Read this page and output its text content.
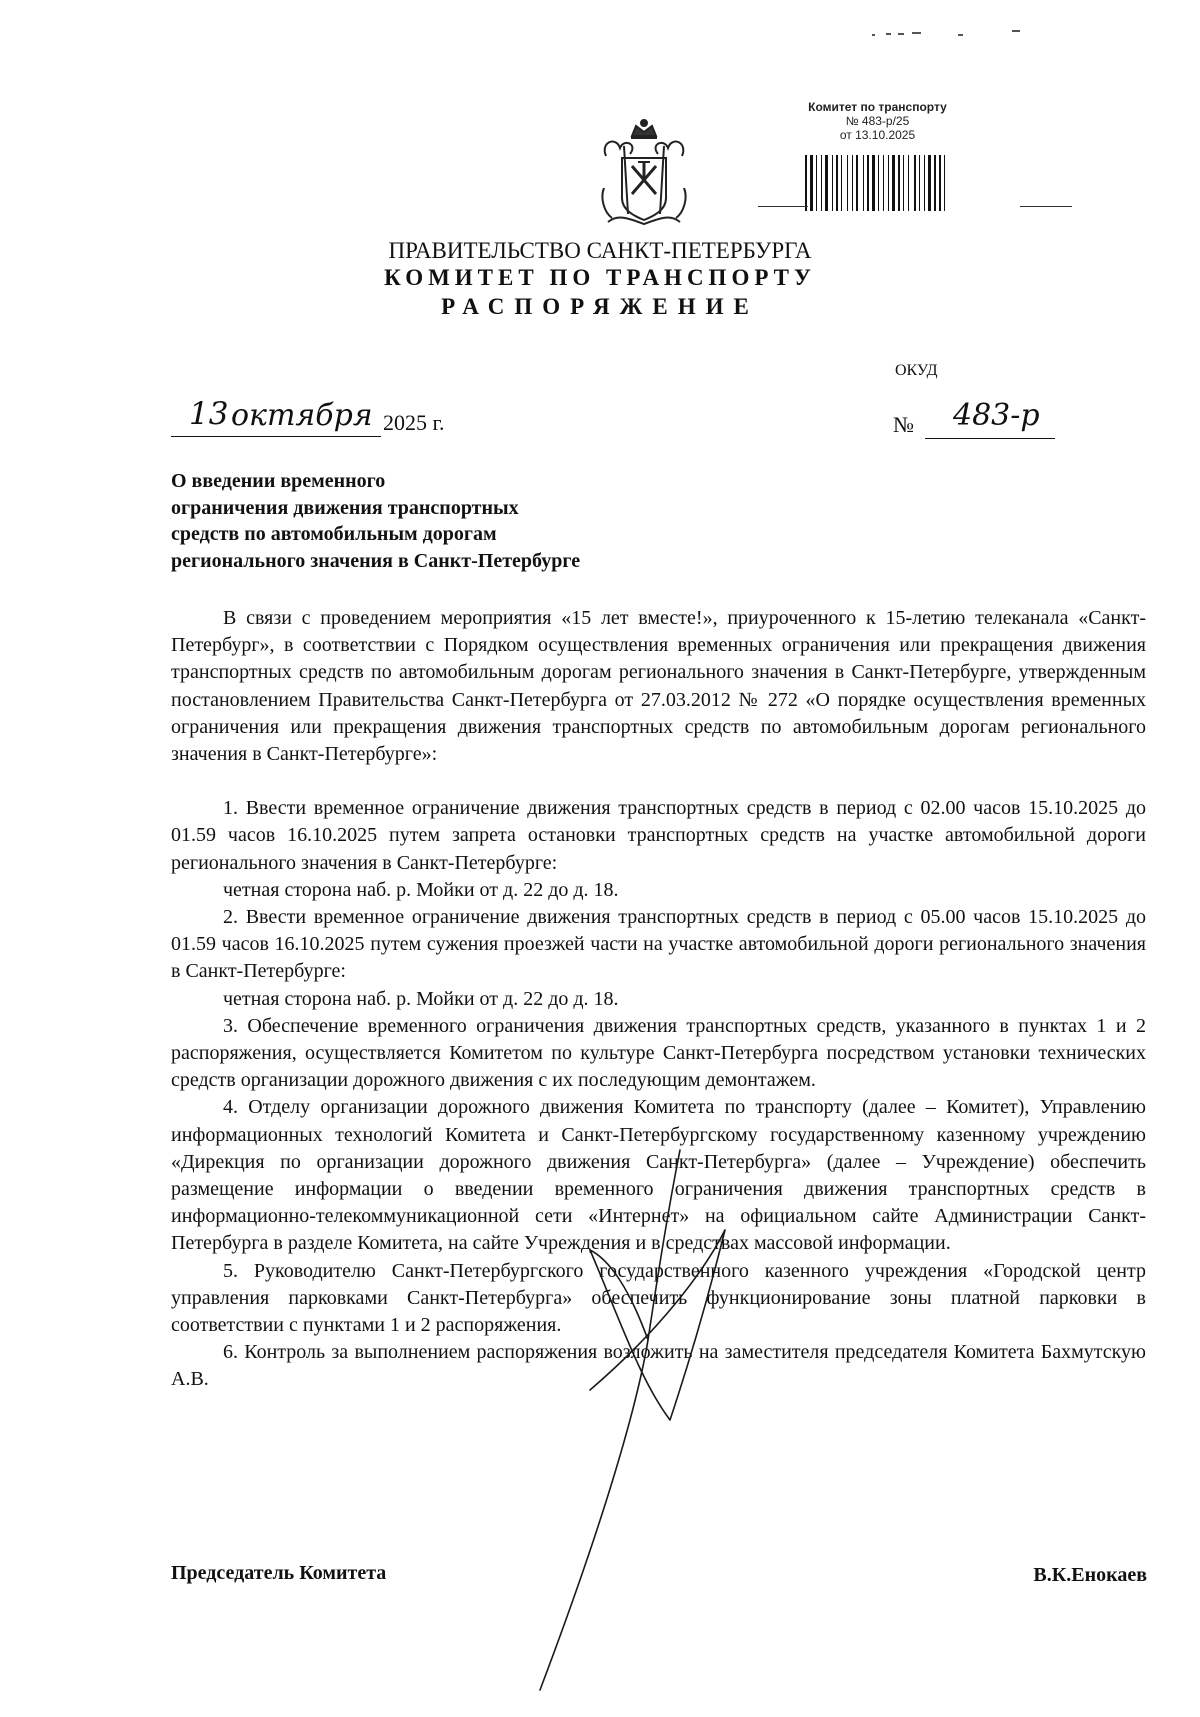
Комитет по транспорту
№ 483-р/25
от 13.10.2025
ПРАВИТЕЛЬСТВО САНКТ-ПЕТЕРБУРГА
КОМИТЕТ ПО ТРАНСПОРТУ
РАСПОРЯЖЕНИЕ
ОКУД
13 октября 2025 г.	№ 483-р
О введении временного
ограничения движения транспортных
средств по автомобильным дорогам
регионального значения в Санкт-Петербурге

В связи с проведением мероприятия «15 лет вместе!», приуроченного к 15-летию телеканала «Санкт-Петербург», в соответствии с Порядком осуществления временных ограничения или прекращения движения транспортных средств по автомобильным дорогам регионального значения в Санкт-Петербурге, утвержденным постановлением Правительства Санкт-Петербурга от 27.03.2012 № 272 «О порядке осуществления временных ограничения или прекращения движения транспортных средств по автомобильным дорогам регионального значения в Санкт-Петербурге»:

1. Ввести временное ограничение движения транспортных средств в период с 02.00 часов 15.10.2025 до 01.59 часов 16.10.2025 путем запрета остановки транспортных средств на участке автомобильной дороги регионального значения в Санкт-Петербурге:

четная сторона наб. р. Мойки от д. 22 до д. 18.

2. Ввести временное ограничение движения транспортных средств в период с 05.00 часов 15.10.2025 до 01.59 часов 16.10.2025 путем сужения проезжей части на участке автомобильной дороги регионального значения в Санкт-Петербурге:

четная сторона наб. р. Мойки от д. 22 до д. 18.

3. Обеспечение временного ограничения движения транспортных средств, указанного в пунктах 1 и 2 распоряжения, осуществляется Комитетом по культуре Санкт-Петербурга посредством установки технических средств организации дорожного движения с их последующим демонтажем.

4. Отделу организации дорожного движения Комитета по транспорту (далее – Комитет), Управлению информационных технологий Комитета и Санкт-Петербургскому государственному казенному учреждению «Дирекция по организации дорожного движения Санкт-Петербурга» (далее – Учреждение) обеспечить размещение информации о введении временного ограничения движения транспортных средств в информационно-телекоммуникационной сети «Интернет» на официальном сайте Администрации Санкт-Петербурга в разделе Комитета, на сайте Учреждения и в средствах массовой информации.

5. Руководителю Санкт-Петербургского государственного казенного учреждения «Городской центр управления парковками Санкт-Петербурга» обеспечить функционирование зоны платной парковки в соответствии с пунктами 1 и 2 распоряжения.

6. Контроль за выполнением распоряжения возложить на заместителя председателя Комитета Бахмутскую А.В.

Председатель Комитета	В.К.Енокаев
